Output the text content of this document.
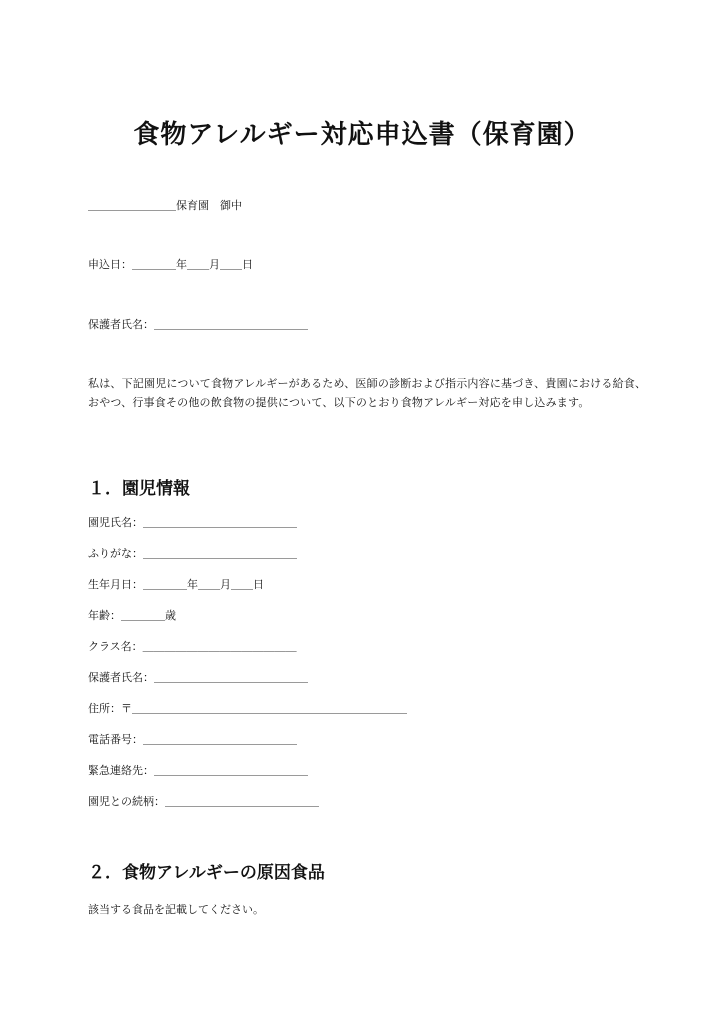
食物アレルギー対応申込書（保育園）
＿＿＿＿＿＿＿＿保育園　御中
申込日：＿＿＿＿年＿＿月＿＿日
保護者氏名：＿＿＿＿＿＿＿＿＿＿＿＿＿＿
私は、下記園児について食物アレルギーがあるため、医師の診断および指示内容に基づき、貴園における給食、おやつ、行事食その他の飲食物の提供について、以下のとおり食物アレルギー対応を申し込みます。
１．園児情報
園児氏名：＿＿＿＿＿＿＿＿＿＿＿＿＿＿
ふりがな：＿＿＿＿＿＿＿＿＿＿＿＿＿＿
生年月日：＿＿＿＿年＿＿月＿＿日
年齢：＿＿＿＿歳
クラス名：＿＿＿＿＿＿＿＿＿＿＿＿＿＿
保護者氏名：＿＿＿＿＿＿＿＿＿＿＿＿＿＿
住所：〒＿＿＿＿＿＿＿＿＿＿＿＿＿＿＿＿＿＿＿＿＿＿＿＿＿
電話番号：＿＿＿＿＿＿＿＿＿＿＿＿＿＿
緊急連絡先：＿＿＿＿＿＿＿＿＿＿＿＿＿＿
園児との続柄：＿＿＿＿＿＿＿＿＿＿＿＿＿＿
２．食物アレルギーの原因食品
該当する食品を記載してください。
